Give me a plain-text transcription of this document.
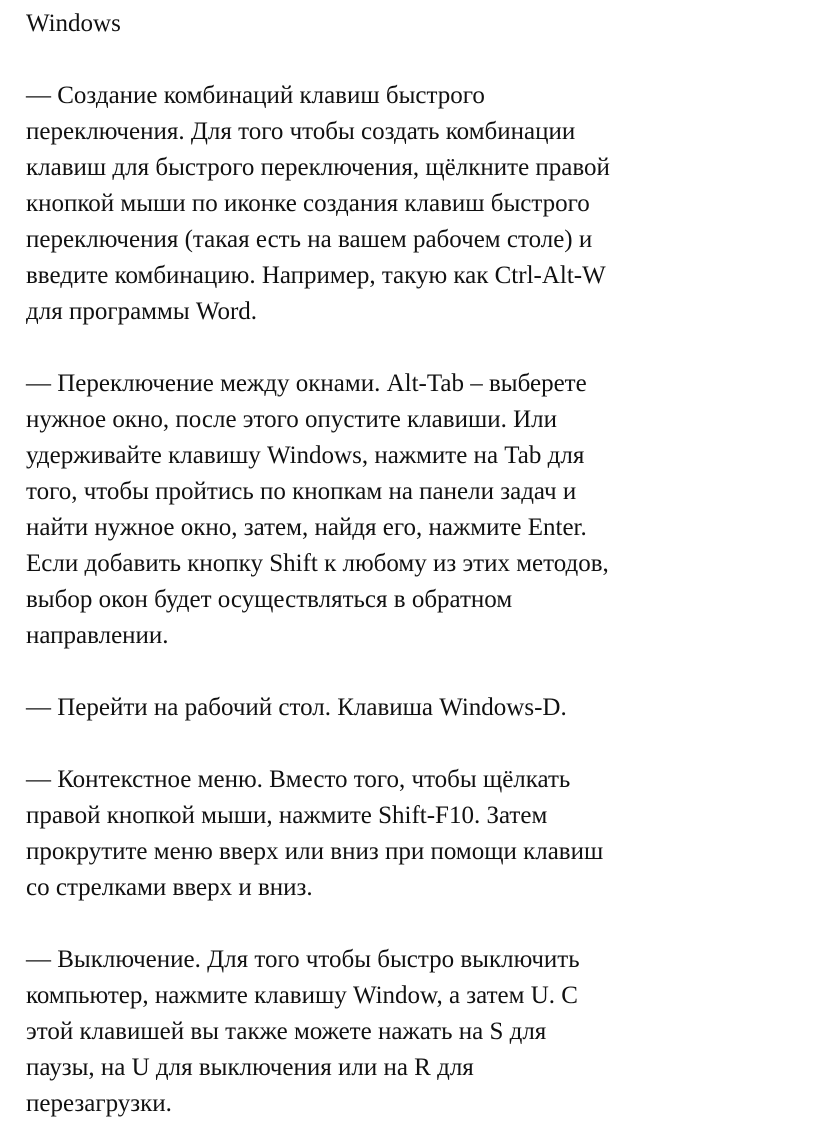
Windows

— Создание комбинаций клавиш быстрого
переключения. Для того чтобы создать комбинации
клавиш для быстрого переключения, щёлкните правой
кнопкой мыши по иконке создания клавиш быстрого
переключения (такая есть на вашем рабочем столе) и
введите комбинацию. Например, такую как Ctrl-Alt-W
для программы Word.
— Переключение между окнами. Alt-Tab – выберете
нужное окно, после этого опустите клавиши. Или
удерживайте клавишу Windows, нажмите на Tab для
того, чтобы пройтись по кнопкам на панели задач и
найти нужное окно, затем, найдя его, нажмите Enter.
Если добавить кнопку Shift к любому из этих методов,
выбор окон будет осуществляться в обратном
направлении.
— Перейти на рабочий стол. Клавиша Windows-D.
— Контекстное меню. Вместо того, чтобы щёлкать
правой кнопкой мыши, нажмите Shift-F10. Затем
прокрутите меню вверх или вниз при помощи клавиш
со стрелками вверх и вниз.
— Выключение. Для того чтобы быстро выключить
компьютер, нажмите клавишу Window, а затем U. С
этой клавишей вы также можете нажать на S для
паузы, на U для выключения или на R для
перезагрузки.
